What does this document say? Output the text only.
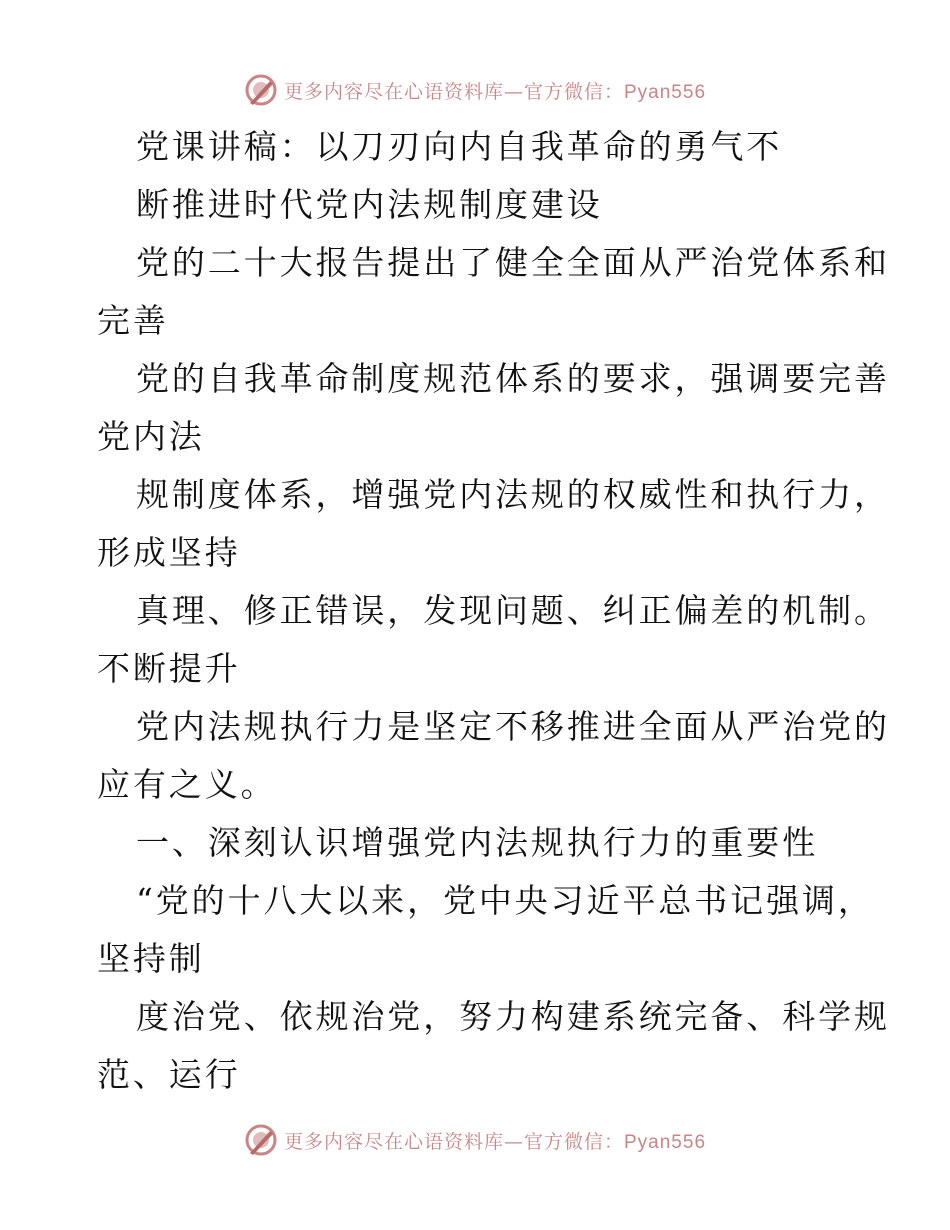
更多内容尽在心语资料库—官方微信：Pyan556
党课讲稿：以刀刃向内自我革命的勇气不
断推进时代党内法规制度建设
党的二十大报告提出了健全全面从严治党体系和
完善
党的自我革命制度规范体系的要求，强调要完善
党内法
规制度体系，增强党内法规的权威性和执行力，
形成坚持
真理、修正错误，发现问题、纠正偏差的机制。
不断提升
党内法规执行力是坚定不移推进全面从严治党的
应有之义。
一、深刻认识增强党内法规执行力的重要性
“党的十八大以来，党中央习近平总书记强调，
坚持制
度治党、依规治党，努力构建系统完备、科学规
范、运行
更多内容尽在心语资料库—官方微信：Pyan556
